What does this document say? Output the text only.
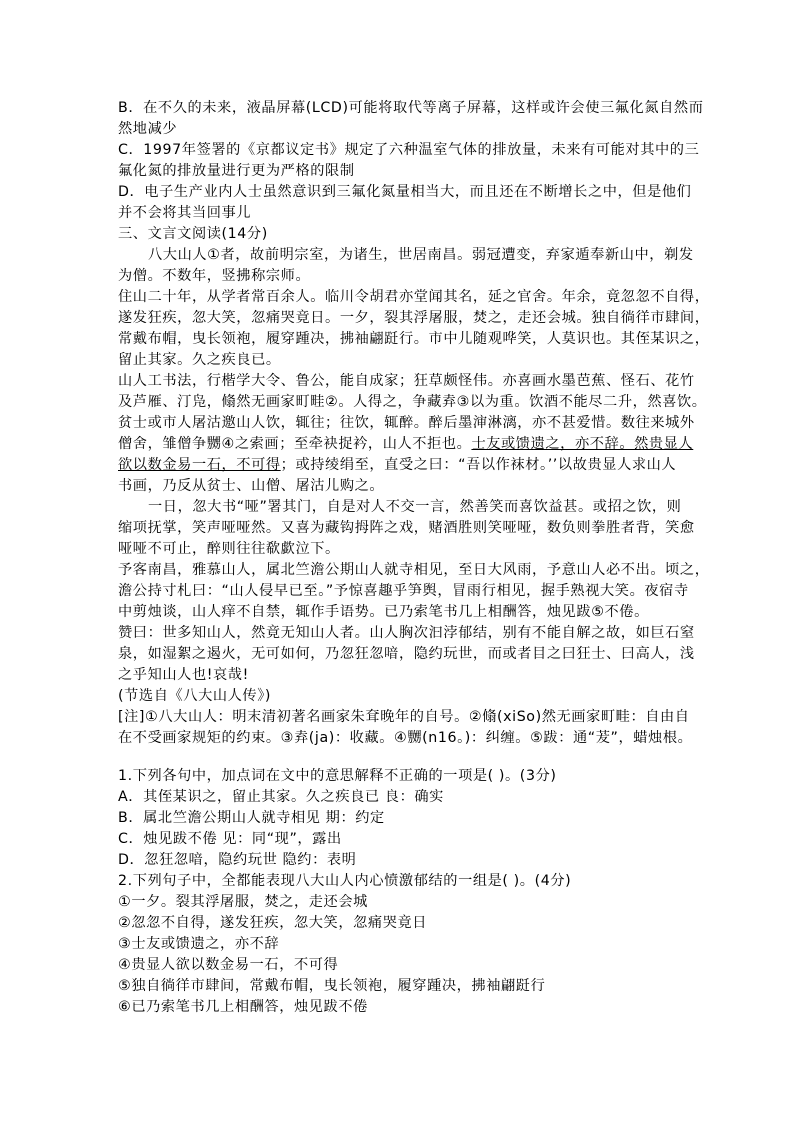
B．在不久的未来，液晶屏幕(LCD)可能将取代等离子屏幕，这样或许会使三氟化氮自然而
然地减少
C．1997年签署的《京都议定书》规定了六种温室气体的排放量，未来有可能对其中的三
氟化氮的排放量进行更为严格的限制
D．电子生产业内人士虽然意识到三氟化氮量相当大，而且还在不断增长之中，但是他们
并不会将其当回事儿
三、文言文阅读(14分)
八大山人①者，故前明宗室，为诸生，世居南昌。弱冠遭变，弃家遁奉新山中，剃发
为僧。不数年，竖拂称宗师。
住山二十年，从学者常百余人。临川令胡君亦堂闻其名，延之官舍。年余，竟忽忽不自得，
遂发狂疾，忽大笑，忽痛哭竟日。一夕，裂其浮屠服，焚之，走还会城。独自徜徉市肆间，
常戴布帽，曳长领袍，履穿踵决，拂袖翩跹行。市中儿随观哗笑，人莫识也。其侄某识之，
留止其家。久之疾良已。
山人工书法，行楷学大令、鲁公，能自成家；狂草颇怪伟。亦喜画水墨芭蕉、怪石、花竹
及芦雁、汀凫，翛然无画家町畦②。人得之，争藏弆③以为重。饮酒不能尽二升，然喜饮。
贫士或市人屠沽邀山人饮，辄往；往饮，辄醉。醉后墨渖淋漓，亦不甚爱惜。数往来城外
僧舍，雏僧争嬲④之索画；至牵袂捉衿，山人不拒也。士友或馈遗之，亦不辞。然贵显人
欲以数金易一石，不可得；或持绫绢至，直受之曰：“吾以作袜材。’’以故贵显人求山人
书画，乃反从贫士、山僧、屠沽儿购之。
一日，忽大书“哑”署其门，自是对人不交一言，然善笑而喜饮益甚。或招之饮，则
缩项抚掌，笑声哑哑然。又喜为藏钩拇阵之戏，赌酒胜则笑哑哑，数负则拳胜者背，笑愈
哑哑不可止，醉则往往欷歔泣下。
予客南昌，雅慕山人，属北竺澹公期山人就寺相见，至日大风雨，予意山人必不出。顷之，
澹公持寸札曰：“山人侵早已至。”予惊喜趣乎笋舆，冒雨行相见，握手熟视大笑。夜宿寺
中剪烛谈，山人痒不自禁，辄作手语势。已乃索笔书几上相酬答，烛见跋⑤不倦。
赞曰：世多知山人，然竟无知山人者。山人胸次汩浡郁结，别有不能自解之故，如巨石窒
泉，如湿絮之遏火，无可如何，乃忽狂忽喑，隐约玩世，而或者目之曰狂士、曰高人，浅
之乎知山人也!哀哉!
(节选自《八大山人传》)
[注]①八大山人：明末清初著名画家朱耷晚年的自号。②翛(xiSo)然无画家町畦：自由自
在不受画家规矩的约束。③弆(ja)：收藏。④嬲(n16。)：纠缠。⑤跋：通“茇”，蜡烛根。
1.下列各句中，加点词在文中的意思解释不正确的一项是( )。(3分)
A．其侄某识之，留止其家。久之疾良已 良：确实
B．属北竺澹公期山人就寺相见 期：约定
C．烛见跋不倦 见：同“现”，露出
D．忽狂忽喑，隐约玩世 隐约：表明
2.下列句子中，全都能表现八大山人内心愤激郁结的一组是( )。(4分)
①一夕。裂其浮屠服，焚之，走还会城
②忽忽不自得，遂发狂疾，忽大笑，忽痛哭竟日
③士友或馈遗之，亦不辞
④贵显人欲以数金易一石，不可得
⑤独自徜徉市肆间，常戴布帽，曳长领袍，履穿踵决，拂袖翩跹行
⑥已乃索笔书几上相酬答，烛见跋不倦
